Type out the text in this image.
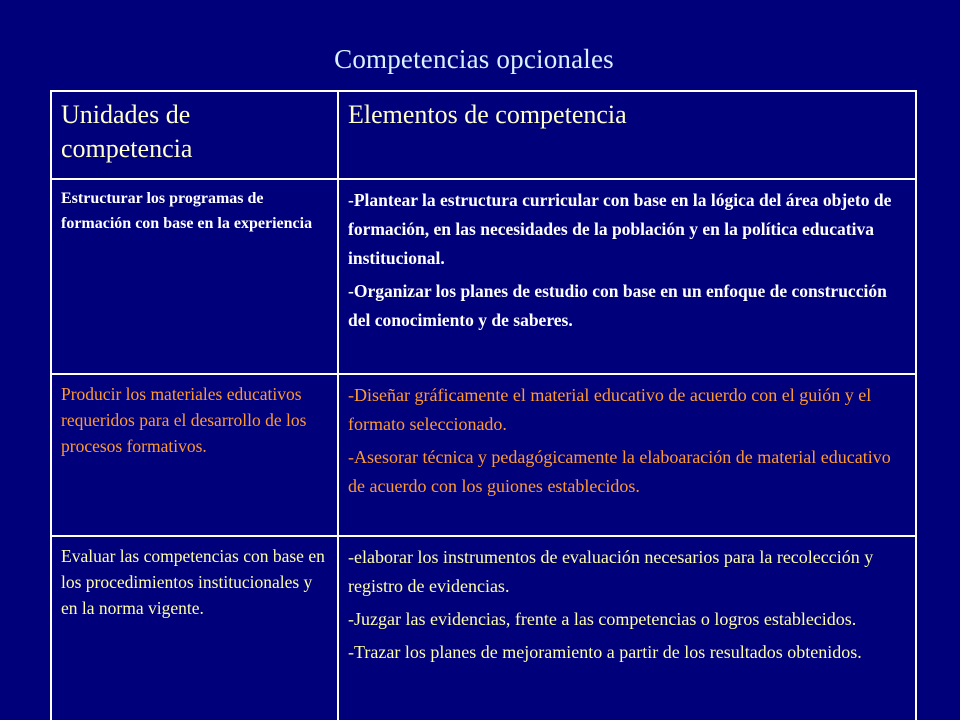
Competencias opcionales
Unidades de competencia	Elementos de competencia

Estructurar los programas de formación con base en la experiencia	-Plantear la estructura curricular con base en la lógica del área objeto de formación, en las necesidades de la población y en la política educativa institucional.

-Organizar los planes de estudio con base en un enfoque de construcción del conocimiento y de saberes.

Producir los materiales educativos requeridos para el desarrollo de los procesos formativos.	-Diseñar gráficamente el material educativo de acuerdo con el guión y el formato seleccionado.

-Asesorar técnica y pedagógicamente la elaboaración de material educativo de acuerdo con los guiones establecidos.

Evaluar las competencias con base en los procedimientos institucionales y en la norma vigente.	-elaborar los instrumentos de evaluación necesarios para la recolección y registro de evidencias.

-Juzgar las evidencias, frente a las competencias o logros establecidos.

-Trazar los planes de mejoramiento a partir de los resultados obtenidos.
